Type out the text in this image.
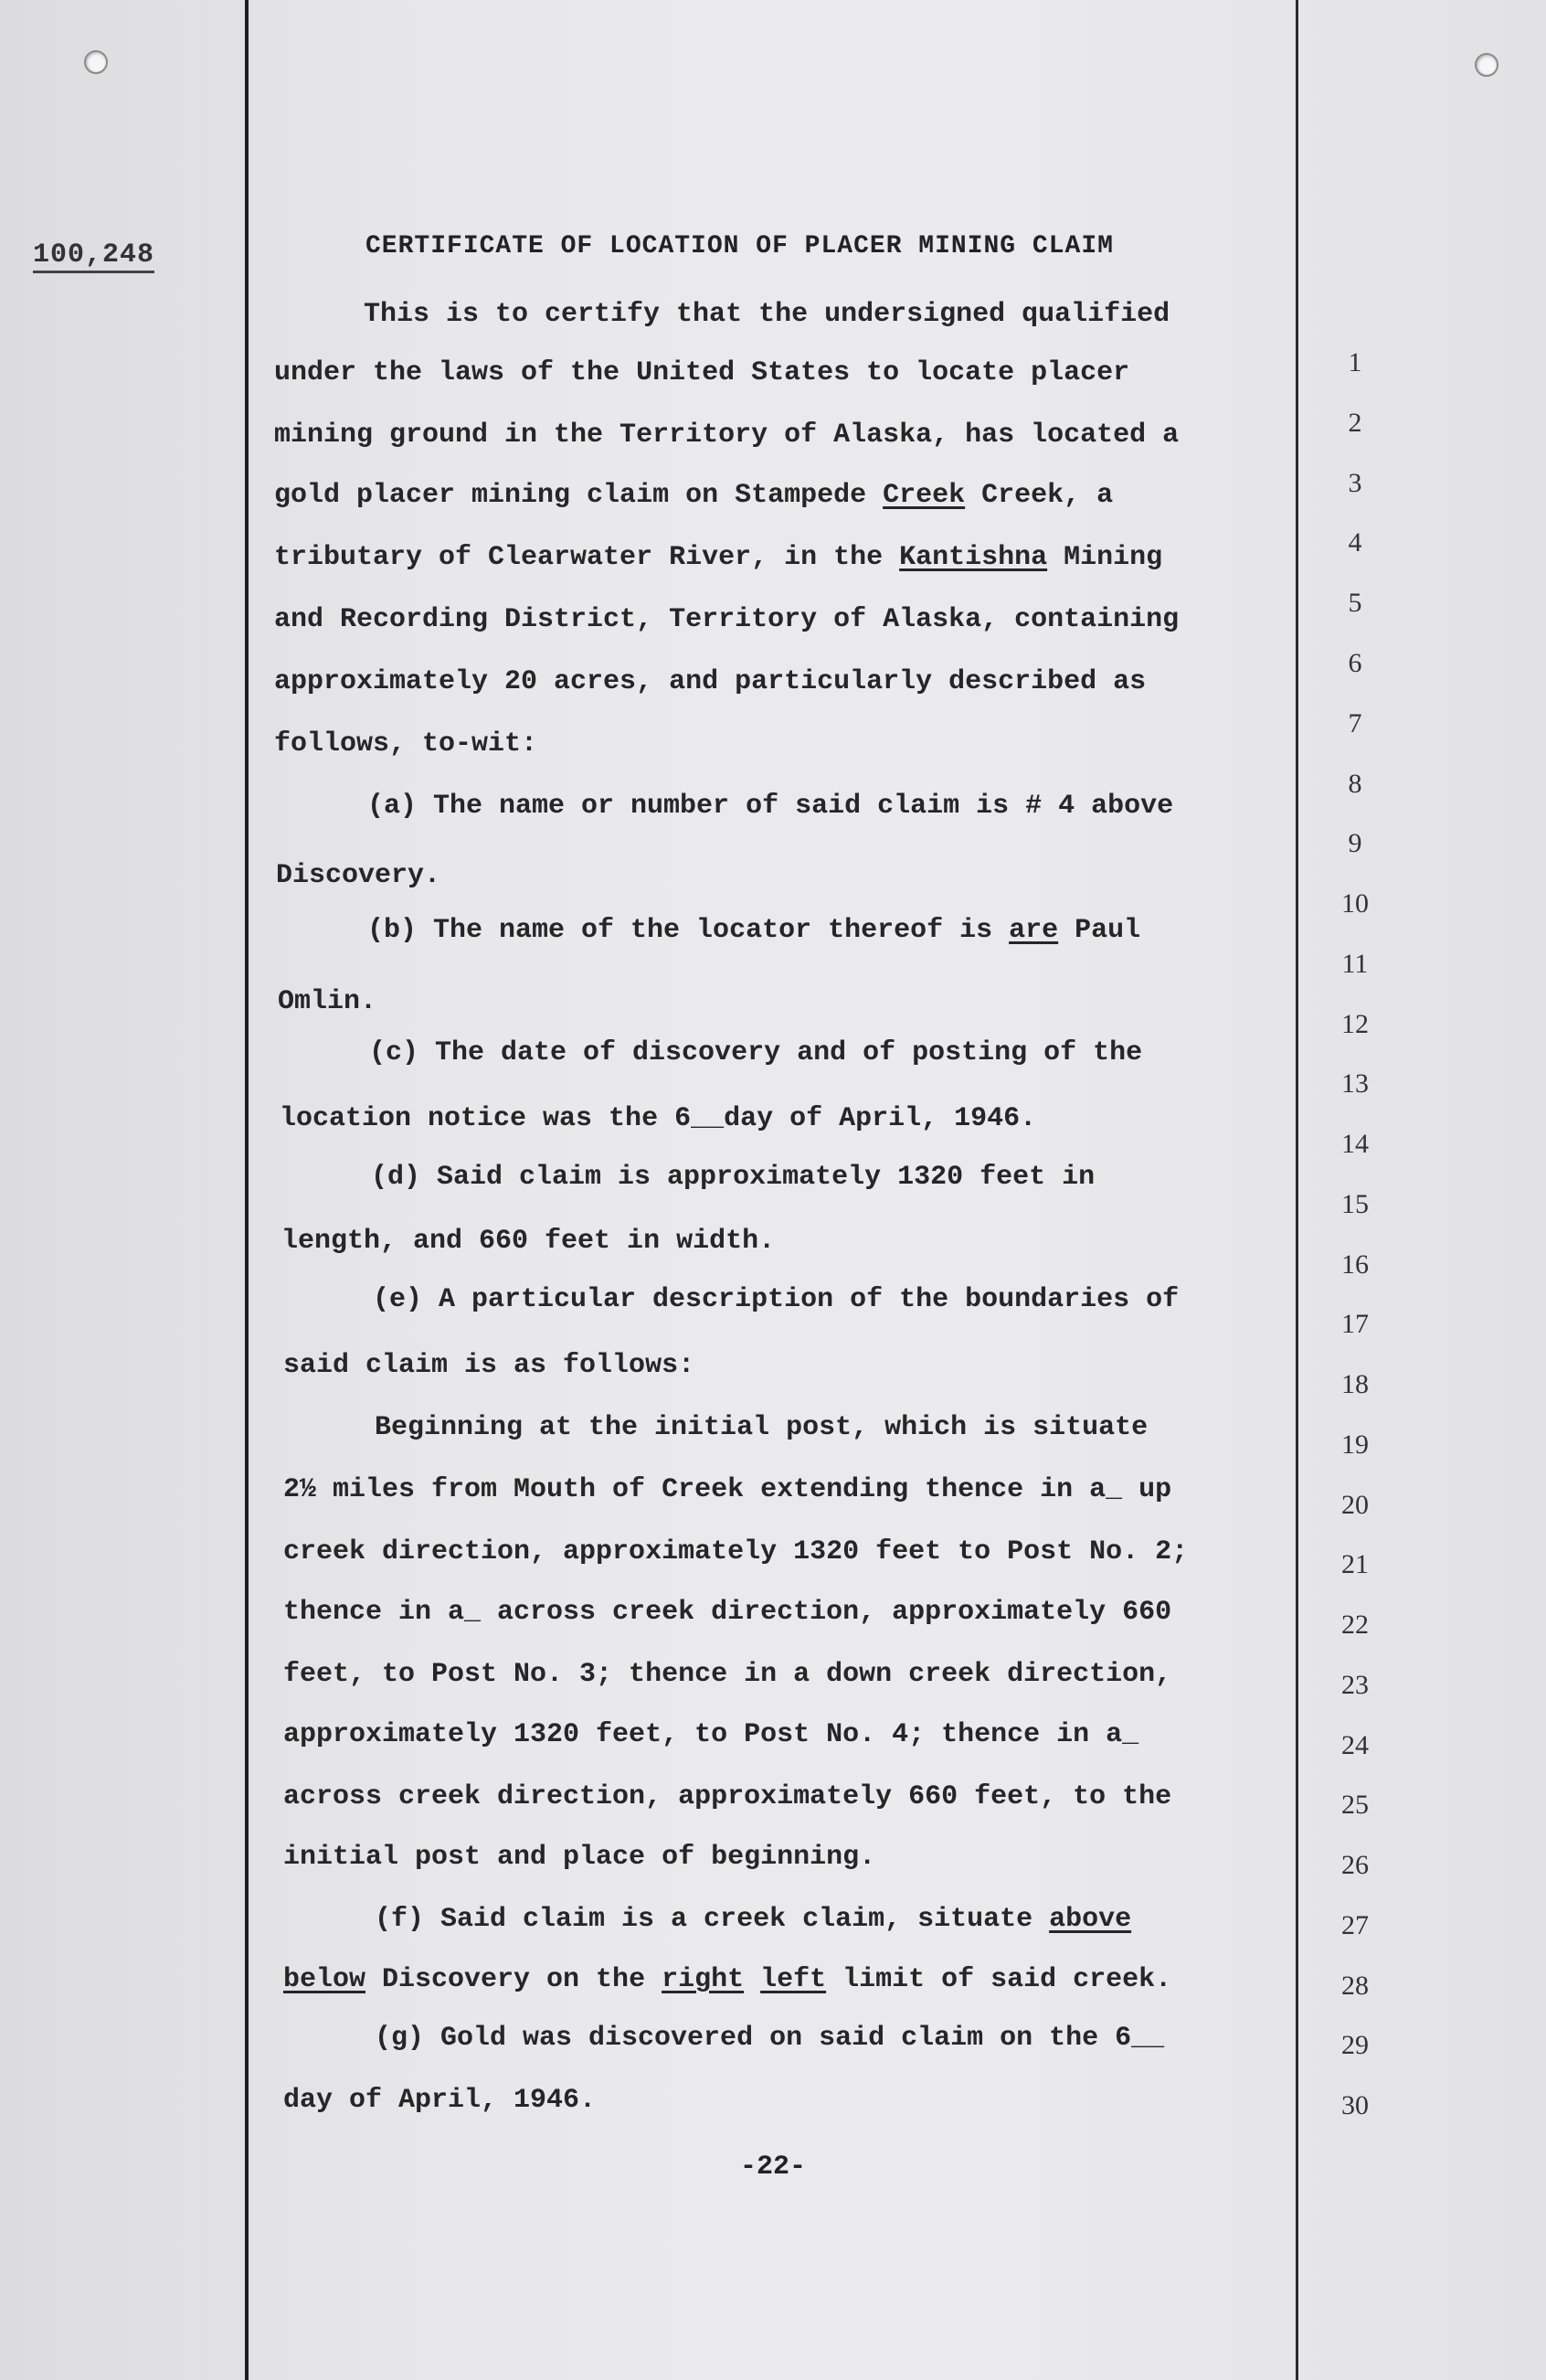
100,248	CERTIFICATE OF LOCATION OF PLACER MINING CLAIM
This is to certify that the undersigned qualified
under the laws of the United States to locate placer
mining ground in the Territory of Alaska, has located a
gold placer mining claim on Stampede Creek Creek, a
tributary of Clearwater River, in the Kantishna Mining
and Recording District, Territory of Alaska, containing
approximately 20 acres, and particularly described as
follows, to-wit:
(a) The name or number of said claim is # 4 above
Discovery.
(b) The name of the locator thereof is are Paul
Omlin.
(c) The date of discovery and of posting of the
location notice was the 6__day of April, 1946.
(d) Said claim is approximately 1320 feet in
length, and 660 feet in width.
(e) A particular description of the boundaries of
said claim is as follows:
Beginning at the initial post, which is situate
2½ miles from Mouth of Creek extending thence in a_ up
creek direction, approximately 1320 feet to Post No. 2;
thence in a_ across creek direction, approximately 660
feet, to Post No. 3; thence in a down creek direction,
approximately 1320 feet, to Post No. 4; thence in a_
across creek direction, approximately 660 feet, to the
initial post and place of beginning.
(f) Said claim is a creek claim, situate above
below Discovery on the right left limit of said creek.
(g) Gold was discovered on said claim on the 6__
day of April, 1946.
-22-
1
2
3
4
5
6
7
8
9
10
11
12
13
14
15
16
17
18
19
20
21
22
23
24
25
26
27
28
29
30
